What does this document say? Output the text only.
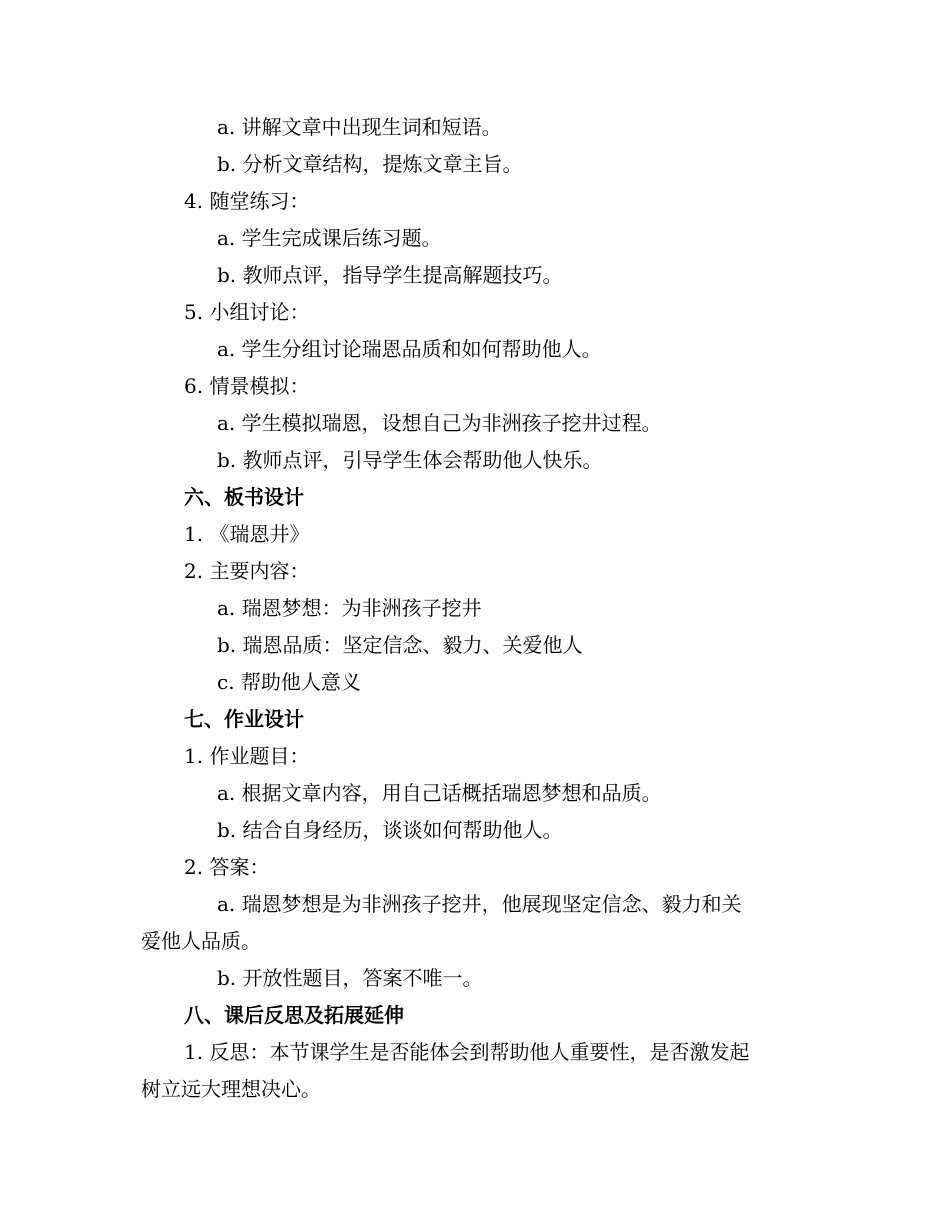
a. 讲解文章中出现生词和短语。
b. 分析文章结构，提炼文章主旨。
4. 随堂练习：
a. 学生完成课后练习题。
b. 教师点评，指导学生提高解题技巧。
5. 小组讨论：
a. 学生分组讨论瑞恩品质和如何帮助他人。
6. 情景模拟：
a. 学生模拟瑞恩，设想自己为非洲孩子挖井过程。
b. 教师点评，引导学生体会帮助他人快乐。
六、板书设计
1. 《瑞恩井》
2. 主要内容：
a. 瑞恩梦想：为非洲孩子挖井
b. 瑞恩品质：坚定信念、毅力、关爱他人
c. 帮助他人意义
七、作业设计
1. 作业题目：
a. 根据文章内容，用自己话概括瑞恩梦想和品质。
b. 结合自身经历，谈谈如何帮助他人。
2. 答案：
a. 瑞恩梦想是为非洲孩子挖井，他展现坚定信念、毅力和关
爱他人品质。
b. 开放性题目，答案不唯一。
八、课后反思及拓展延伸
1. 反思：本节课学生是否能体会到帮助他人重要性，是否激发起
树立远大理想决心。
